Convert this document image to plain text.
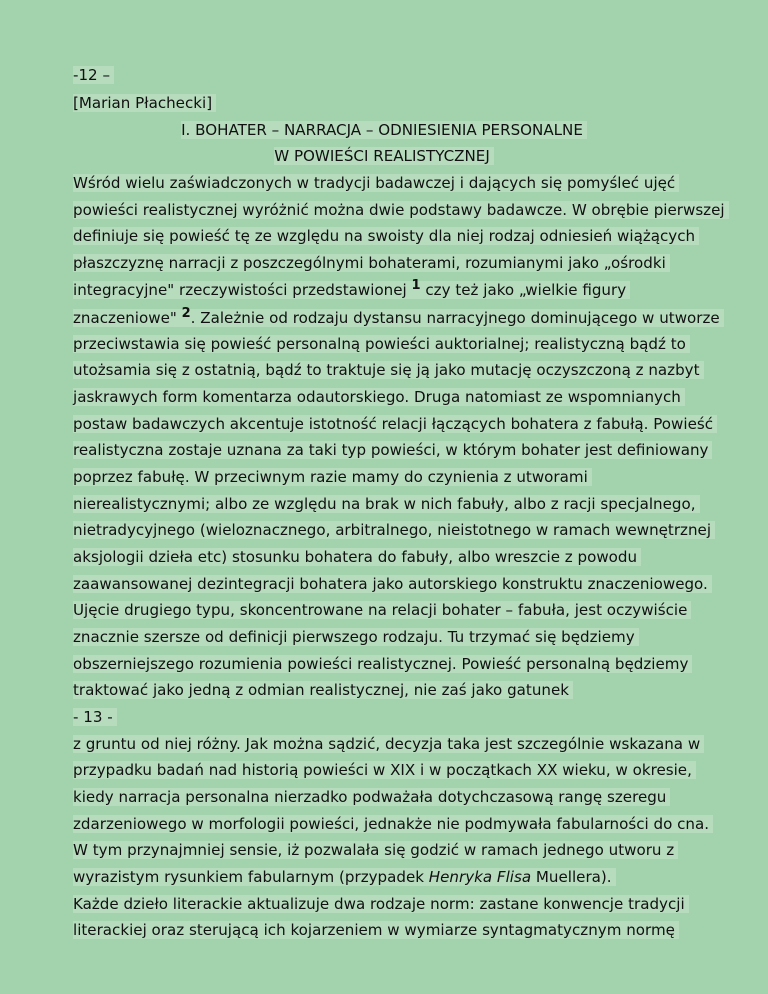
-12 –
[Marian Płachecki]
I. BOHATER – NARRACJA – ODNIESIENIA PERSONALNE
W POWIEŚCI REALISTYCZNEJ
Wśród wielu zaświadczonych w tradycji badawczej i dających się pomyśleć ujęć
powieści realistycznej wyróżnić można dwie podstawy badawcze. W obrębie pierwszej
definiuje się powieść tę ze względu na swoisty dla niej rodzaj odniesień wiążących
płaszczyznę narracji z poszczególnymi bohaterami, rozumianymi jako „ośrodki
integracyjne" rzeczywistości przedstawionej $^1$ czy też jako „wielkie figury
znaczeniowe" $^2$. Zależnie od rodzaju dystansu narracyjnego dominującego w utworze
przeciwstawia się powieść personalną powieści auktorialnej; realistyczną bądź to
utożsamia się z ostatnią, bądź to traktuje się ją jako mutację oczyszczoną z nazbyt
jaskrawych form komentarza odautorskiego. Druga natomiast ze wspomnianych
postaw badawczych akcentuje istotność relacji łączących bohatera z fabułą. Powieść
realistyczna zostaje uznana za taki typ powieści, w którym bohater jest definiowany
poprzez fabułę. W przeciwnym razie mamy do czynienia z utworami
nierealistycznymi; albo ze względu na brak w nich fabuły, albo z racji specjalnego,
nietradycyjnego (wieloznacznego, arbitralnego, nieistotnego w ramach wewnętrznej
aksjologii dzieła etc) stosunku bohatera do fabuły, albo wreszcie z powodu
zaawansowanej dezintegracji bohatera jako autorskiego konstruktu znaczeniowego.
Ujęcie drugiego typu, skoncentrowane na relacji bohater – fabuła, jest oczywiście
znacznie szersze od definicji pierwszego rodzaju. Tu trzymać się będziemy
obszerniejszego rozumienia powieści realistycznej. Powieść personalną będziemy
traktować jako jedną z odmian realistycznej, nie zaś jako gatunek
- 13 -
z gruntu od niej różny. Jak można sądzić, decyzja taka jest szczególnie wskazana w
przypadku badań nad historią powieści w XIX i w początkach XX wieku, w okresie,
kiedy narracja personalna nierzadko podważała dotychczasową rangę szeregu
zdarzeniowego w morfologii powieści, jednakże nie podmywała fabularności do cna.
W tym przynajmniej sensie, iż pozwalała się godzić w ramach jednego utworu z
wyrazistym rysunkiem fabularnym (przypadek Henryka Flisa Muellera).
Każde dzieło literackie aktualizuje dwa rodzaje norm: zastane konwencje tradycji
literackiej oraz sterującą ich kojarzeniem w wymiarze syntagmatycznym normę
